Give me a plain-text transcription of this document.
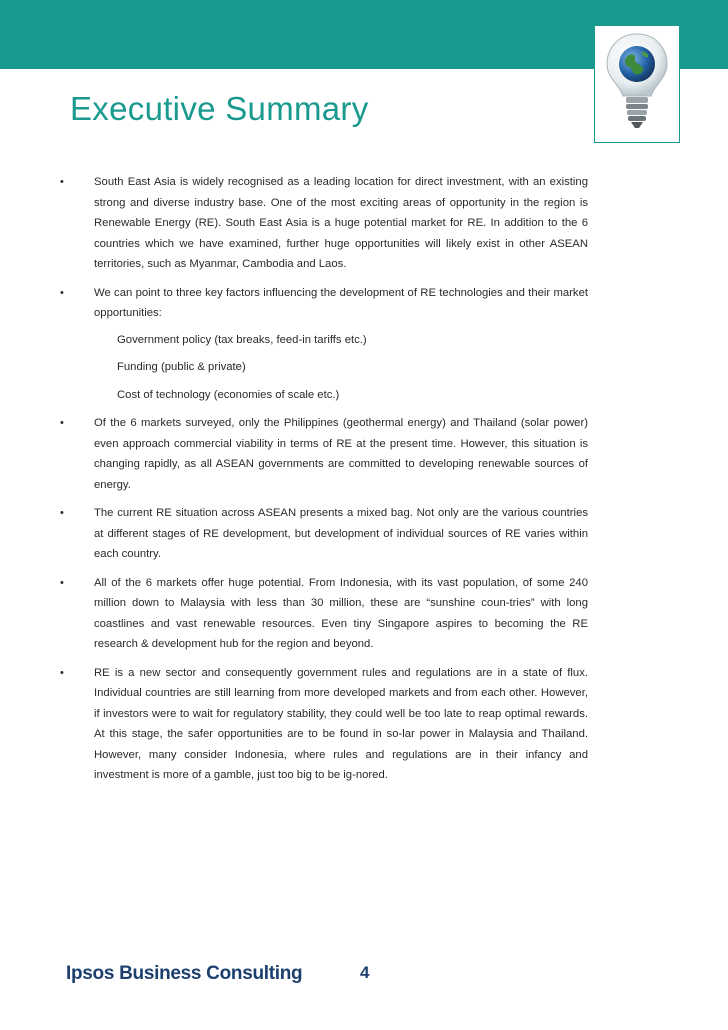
Executive Summary
•	South East Asia is widely recognised as a leading location for direct investment, with an existing strong and diverse industry base. One of the most exciting areas of opportunity in the region is Renewable Energy (RE). South East Asia is a huge potential market for RE. In addition to the 6 countries which we have examined, further huge opportunities will likely exist in other ASEAN territories, such as Myanmar, Cambodia and Laos.
•	We can point to three key factors influencing the development of RE technologies and their market opportunities:
Government policy (tax breaks, feed-in tariffs etc.)
Funding (public & private)
Cost of technology (economies of scale etc.)
•	Of the 6 markets surveyed, only the Philippines (geothermal energy) and Thailand (solar power) even approach commercial viability in terms of RE at the present time. However, this situation is changing rapidly, as all ASEAN governments are committed to developing renewable sources of energy.
•	The current RE situation across ASEAN presents a mixed bag. Not only are the various countries at different stages of RE development, but development of individual sources of RE varies within each country.
•	All of the 6 markets offer huge potential. From Indonesia, with its vast population, of some 240 million down to Malaysia with less than 30 million, these are “sunshine coun-tries” with long coastlines and vast renewable resources. Even tiny Singapore aspires to becoming the RE research & development hub for the region and beyond.
•	RE is a new sector and consequently government rules and regulations are in a state of flux. Individual countries are still learning from more developed markets and from each other. However, if investors were to wait for regulatory stability, they could well be too late to reap optimal rewards. At this stage, the safer opportunities are to be found in so-lar power in Malaysia and Thailand. However, many consider Indonesia, where rules and regulations are in their infancy and investment is more of a gamble, just too big to be ig-nored.
Ipsos Business Consulting	4
